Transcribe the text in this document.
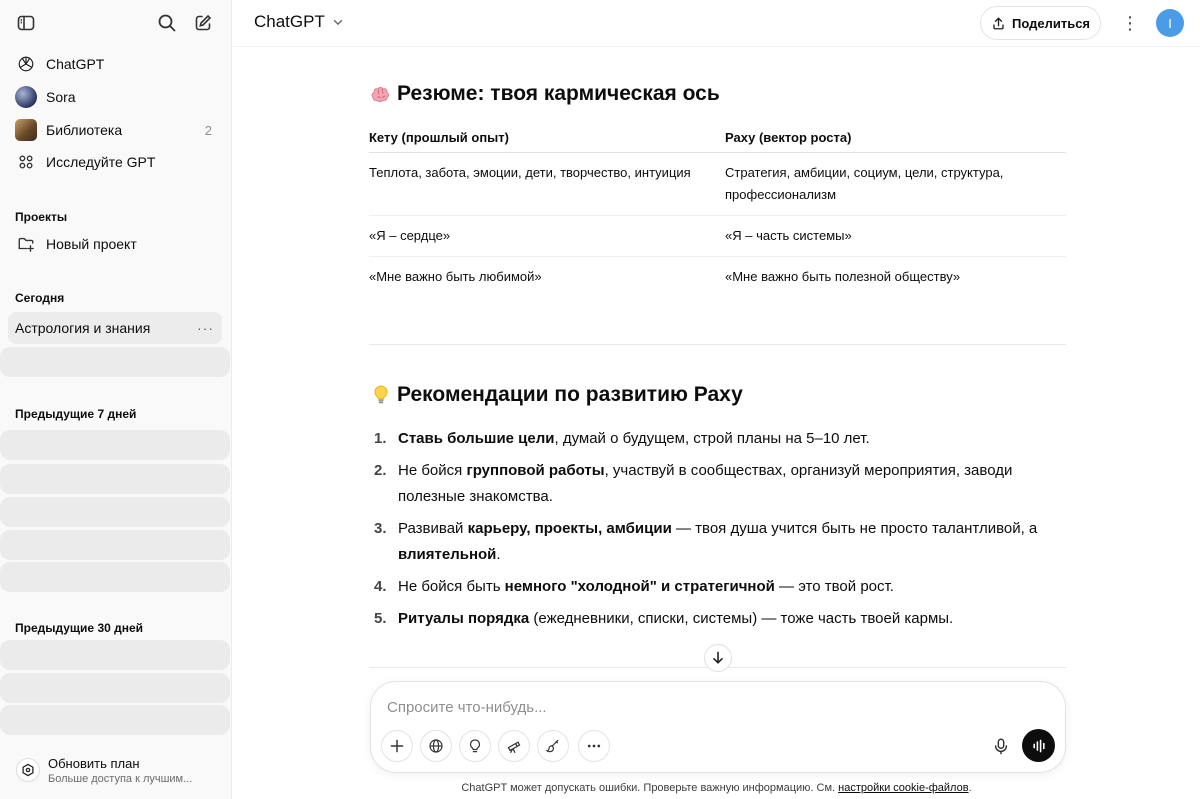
ChatGPT
Sora
Библиотека	2
Исследуйте GPT
Проекты
Новый проект
Сегодня
Астрология и знания	···
Предыдущие 7 дней
Предыдущие 30 дней
Обновить план
Больше доступа к лучшим...
ChatGPT	Поделиться ⋮	I
Резюме: твоя кармическая ось
Кету (прошлый опыт)	Раху (вектор роста)
Теплота, забота, эмоции, дети, творчество, интуиция	Стратегия, амбиции, социум, цели, структура, профессионализм
«Я – сердце»	«Я – часть системы»
«Мне важно быть любимой»	«Мне важно быть полезной обществу»
Рекомендации по развитию Раху
1. Ставь большие цели, думай о будущем, строй планы на 5–10 лет.
2. Не бойся групповой работы, участвуй в сообществах, организуй мероприятия, заводи полезные знакомства.
3. Развивай карьеру, проекты, амбиции — твоя душа учится быть не просто талантливой, а влиятельной.
4. Не бойся быть немного "холодной" и стратегичной — это твой рост.
5. Ритуалы порядка (ежедневники, списки, системы) — тоже часть твоей кармы.
Спросите что-нибудь...
ChatGPT может допускать ошибки. Проверьте важную информацию. См. настройки cookie-файлов.
